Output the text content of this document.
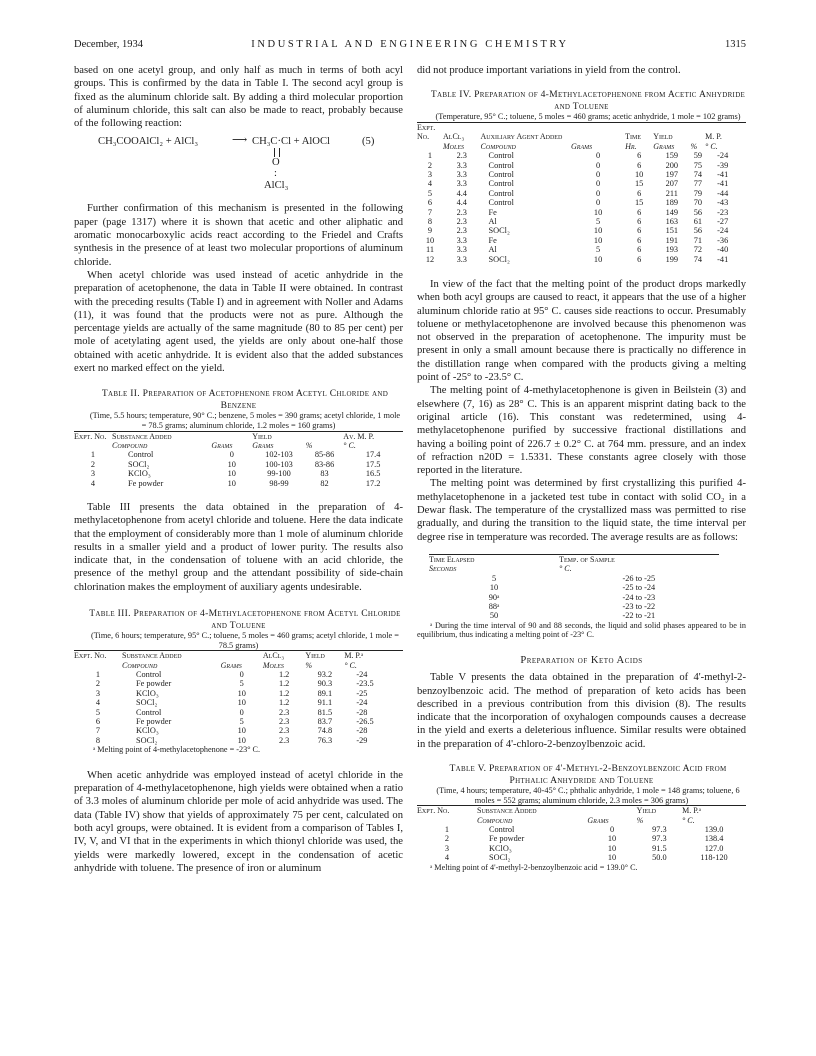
December, 1934	INDUSTRIAL AND ENGINEERING CHEMISTRY	1315

based on one acetyl group, and only half as much in terms of both acyl groups. This is confirmed by the data in Table I. The second acyl group is fixed as the aluminum chloride salt. By adding a third molecular proportion of aluminum chloride, this salt can also be made to react, probably because of the following reaction:

CH₃COOAlCl₂ + AlCl₃	⟶ CH₃C·Cl + AlOCl	(5)
O
:
AlCl₃

Further confirmation of this mechanism is presented in the following paper (page 1317) where it is shown that acetic and other aliphatic and aromatic monocarboxylic acids react according to the Friedel and Crafts synthesis in the presence of at least two molecular proportions of aluminum chloride.

When acetyl chloride was used instead of acetic anhydride in the preparation of acetophenone, the data in Table II were obtained. In contrast with the preceding results (Table I) and in agreement with Noller and Adams (11), it was found that the products were not as pure. Although the percentage yields are actually of the same magnitude (80 to 85 per cent) per mole of acetylating agent used, the yields are only about one-half those obtained with acetic anhydride. It is evident also that the added substances exert no marked effect on the yield.

Table II. Preparation of Acetophenone from Acetyl Chloride and Benzene

(Time, 5.5 hours; temperature, 90° C.; benzene, 5 moles = 390 grams; acetyl chloride, 1 mole = 78.5 grams; aluminum chloride, 1.2 moles = 160 grams)

Expt. No.	Substance Added		Yield		Av. M. P.
	Compound	Grams	Grams	%	° C.
1	Control	0	102-103	85-86	17.4
2	SOCl₂	10	100-103	83-86	17.5
3	KClO₃	10	99-100	83	16.5
4	Fe powder	10	98-99	82	17.2

Table III presents the data obtained in the preparation of 4-methylacetophenone from acetyl chloride and toluene. Here the data indicate that the employment of considerably more than 1 mole of aluminum chloride results in a smaller yield and a product of lower purity. The results also indicate that, in the condensation of toluene with an acid chloride, the presence of the methyl group and the attendant possibility of side-chain chlorination makes the employment of auxiliary agents undesirable.

Table III. Preparation of 4-Methylacetophenone from Acetyl Chloride and Toluene

(Time, 6 hours; temperature, 95° C.; toluene, 5 moles = 460 grams; acetyl chloride, 1 mole = 78.5 grams)

Expt. No.	Substance Added		AlCl₃	Yield	M. P.ᵃ
	Compound	Grams	Moles	%	° C.
1	Control	0	1.2	93.2	-24
2	Fe powder	5	1.2	90.3	-23.5
3	KClO₃	10	1.2	89.1	-25
4	SOCl₂	10	1.2	91.1	-24
5	Control	0	2.3	81.5	-28
6	Fe powder	5	2.3	83.7	-26.5
7	KClO₃	10	2.3	74.8	-28
8	SOCl₂	10	2.3	76.3	-29

ᵃ Melting point of 4-methylacetophenone = -23° C.

When acetic anhydride was employed instead of acetyl chloride in the preparation of 4-methylacetophenone, high yields were obtained when a ratio of 3.3 moles of aluminum chloride per mole of acid anhydride was used. The data (Table IV) show that yields of approximately 75 per cent, calculated on both acyl groups, were obtained. It is evident from a comparison of Tables I, IV, V, and VI that in the experiments in which thionyl chloride was used, the yields were markedly lowered, except in the condensation of acetic anhydride with toluene. The presence of iron or aluminum

did not produce important variations in yield from the control.

Table IV. Preparation of 4-Methylacetophenone from Acetic Anhydride and Toluene

(Temperature, 95° C.; toluene, 5 moles = 460 grams; acetic anhydride, 1 mole = 102 grams)

Expt. No.	AlCl₃	Auxiliary Agent Added		Time	Yield		M. P.
	Moles	Compound	Grams	Hr.	Grams	%	° C.
1	2.3	Control	0	6	159	59	-24
2	3.3	Control	0	6	200	75	-39
3	3.3	Control	0	10	197	74	-41
4	3.3	Control	0	15	207	77	-41
5	4.4	Control	0	6	211	79	-44
6	4.4	Control	0	15	189	70	-43
7	2.3	Fe	10	6	149	56	-23
8	2.3	Al	5	6	163	61	-27
9	2.3	SOCl₂	10	6	151	56	-24
10	3.3	Fe	10	6	191	71	-36
11	3.3	Al	5	6	193	72	-40
12	3.3	SOCl₂	10	6	199	74	-41

In view of the fact that the melting point of the product drops markedly when both acyl groups are caused to react, it appears that the use of a higher aluminum chloride ratio at 95° C. causes side reactions to occur. Presumably toluene or methylacetophenone are involved because this phenomenon was not observed in the preparation of acetophenone. The impurity must be present in only a small amount because there is practically no difference in the distillation range when compared with the products giving a melting point of -25° to -23.5° C.

The melting point of 4-methylacetophenone is given in Beilstein (3) and elsewhere (7, 16) as 28° C. This is an apparent misprint dating back to the original article (16). This constant was redetermined, using 4-methylacetophenone purified by successive fractional distillations and having a boiling point of 226.7 ± 0.2° C. at 764 mm. pressure, and an index of refraction n20D = 1.5331. These constants agree closely with those reported in the literature.

The melting point was determined by first crystallizing this purified 4-methylacetophenone in a jacketed test tube in contact with solid CO₂ in a Dewar flask. The temperature of the crystallized mass was permitted to rise gradually, and during the transition to the liquid state, the time interval per degree rise in temperature was recorded. The average results are as follows:

Time Elapsed	Temp. of Sample
Seconds	° C.
5	-26 to -25
10	-25 to -24
90ᵃ	-24 to -23
88ᵃ	-23 to -22
50	-22 to -21

ᵃ During the time interval of 90 and 88 seconds, the liquid and solid phases appeared to be in equilibrium, thus indicating a melting point of -23° C.

Preparation of Keto Acids

Table V presents the data obtained in the preparation of 4'-methyl-2-benzoylbenzoic acid. The method of preparation of keto acids has been described in a previous contribution from this division (8). The results indicate that the incorporation of oxyhalogen compounds causes a decrease in the yield and exerts a deleterious influence. Similar results were obtained in the preparation of 4'-chloro-2-benzoylbenzoic acid.

Table V. Preparation of 4'-Methyl-2-Benzoylbenzoic Acid from Phthalic Anhydride and Toluene

(Time, 4 hours; temperature, 40-45° C.; phthalic anhydride, 1 mole = 148 grams; toluene, 6 moles = 552 grams; aluminum chloride, 2.3 moles = 306 grams)

Expt. No.	Substance Added		Yield	M. P.ᵃ
	Compound	Grams	%	° C.
1	Control	0	97.3	139.0
2	Fe powder	10	97.3	138.4
3	KClO₃	10	91.5	127.0
4	SOCl₂	10	50.0	118-120

ᵃ Melting point of 4'-methyl-2-benzoylbenzoic acid = 139.0° C.
